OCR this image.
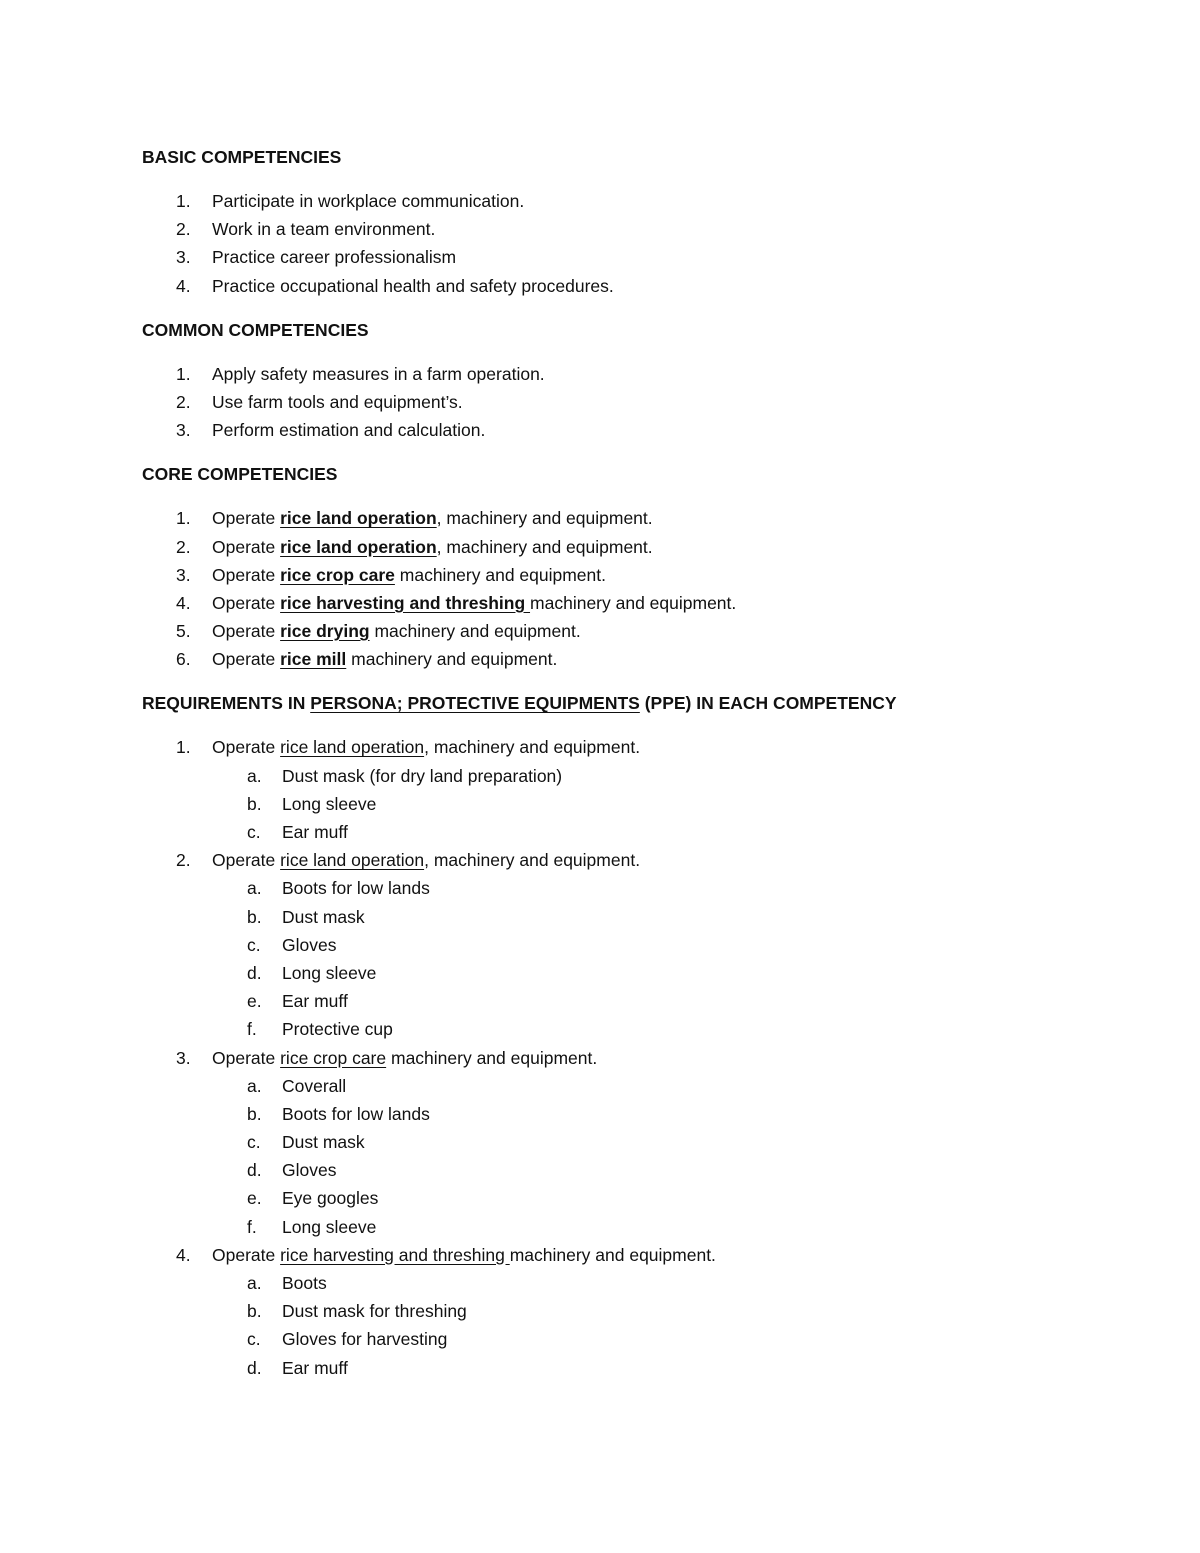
BASIC COMPETENCIES

1.	Participate in workplace communication.
2.	Work in a team environment.
3.	Practice career professionalism
4.	Practice occupational health and safety procedures.

COMMON COMPETENCIES

1.	Apply safety measures in a farm operation.
2.	Use farm tools and equipment’s.
3.	Perform estimation and calculation.

CORE COMPETENCIES

1.	Operate rice land operation, machinery and equipment.
2.	Operate rice land operation, machinery and equipment.
3.	Operate rice crop care machinery and equipment.
4.	Operate rice harvesting and threshing machinery and equipment.
5.	Operate rice drying machinery and equipment.
6.	Operate rice mill machinery and equipment.

REQUIREMENTS IN PERSONA; PROTECTIVE EQUIPMENTS (PPE) IN EACH COMPETENCY

1.	Operate rice land operation, machinery and equipment.
a.	Dust mask (for dry land preparation)
b.	Long sleeve
c.	Ear muff
2.	Operate rice land operation, machinery and equipment.
a.	Boots for low lands
b.	Dust mask
c.	Gloves
d.	Long sleeve
e.	Ear muff
f.	Protective cup
3.	Operate rice crop care machinery and equipment.
a.	Coverall
b.	Boots for low lands
c.	Dust mask
d.	Gloves
e.	Eye googles
f.	Long sleeve
4.	Operate rice harvesting and threshing machinery and equipment.
a.	Boots
b.	Dust mask for threshing
c.	Gloves for harvesting
d.	Ear muff
